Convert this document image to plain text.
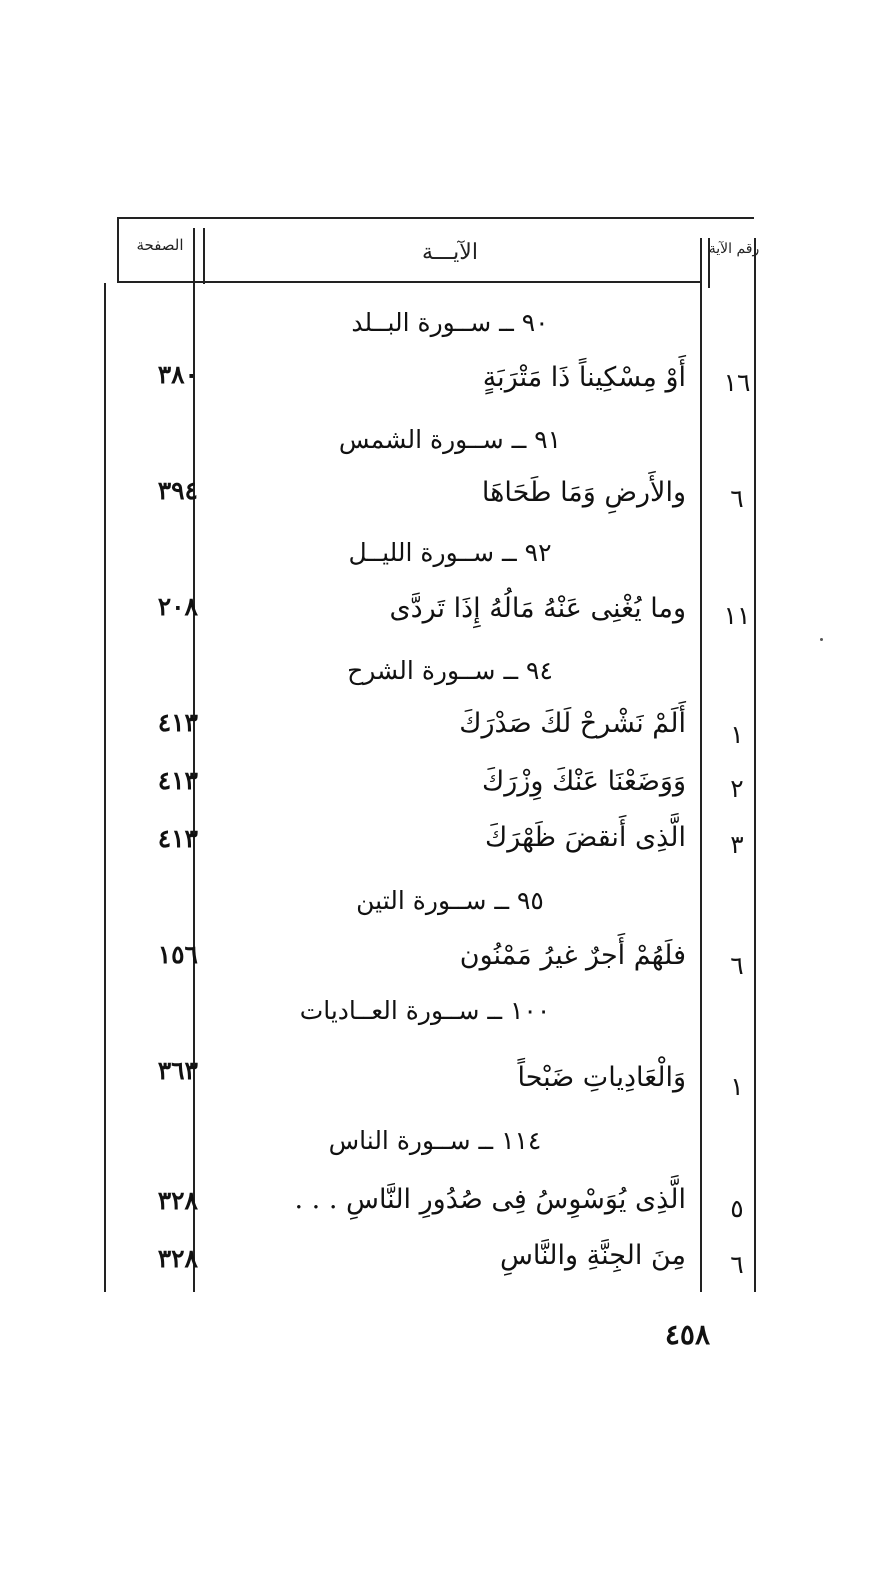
الصفحة	الآيـــة	رقم الآية
٩٠ ــ ســورة البــلد
١٦
أَوْ مِسْكِيناً ذَا مَتْرَبَةٍ
٣٨٠
٩١ ــ ســورة الشمس
٦
والأَرضِ وَمَا طَحَاهَا
٣٩٤
٩٢ ــ ســورة الليــل
١١
وما يُغْنِى عَنْهُ مَالُهُ إِذَا تَردَّى
٢٠٨
٩٤ ــ ســورة الشرح
١
أَلَمْ نَشْرحْ لَكَ صَدْرَكَ
٤١٣
٢
وَوَضَعْنَا عَنْكَ وِزْرَكَ
٤١٣
٣
الَّذِى أَنقضَ ظَهْرَكَ
٤١٣
٩٥ ــ ســورة التين
٦
فلَهُمْ أَجرٌ غيرُ مَمْنُون
١٥٦
١٠٠ ــ ســورة العــاديات
١
وَالْعَادِياتِ ضَبْحاً
٣٦٣
١١٤ ــ ســورة الناس
٥
الَّذِى يُوَسْوِسُ فِى صُدُورِ النَّاسِ . . .
٣٢٨
٦
مِنَ الجِنَّةِ والنَّاسِ
٣٢٨
٤٥٨
